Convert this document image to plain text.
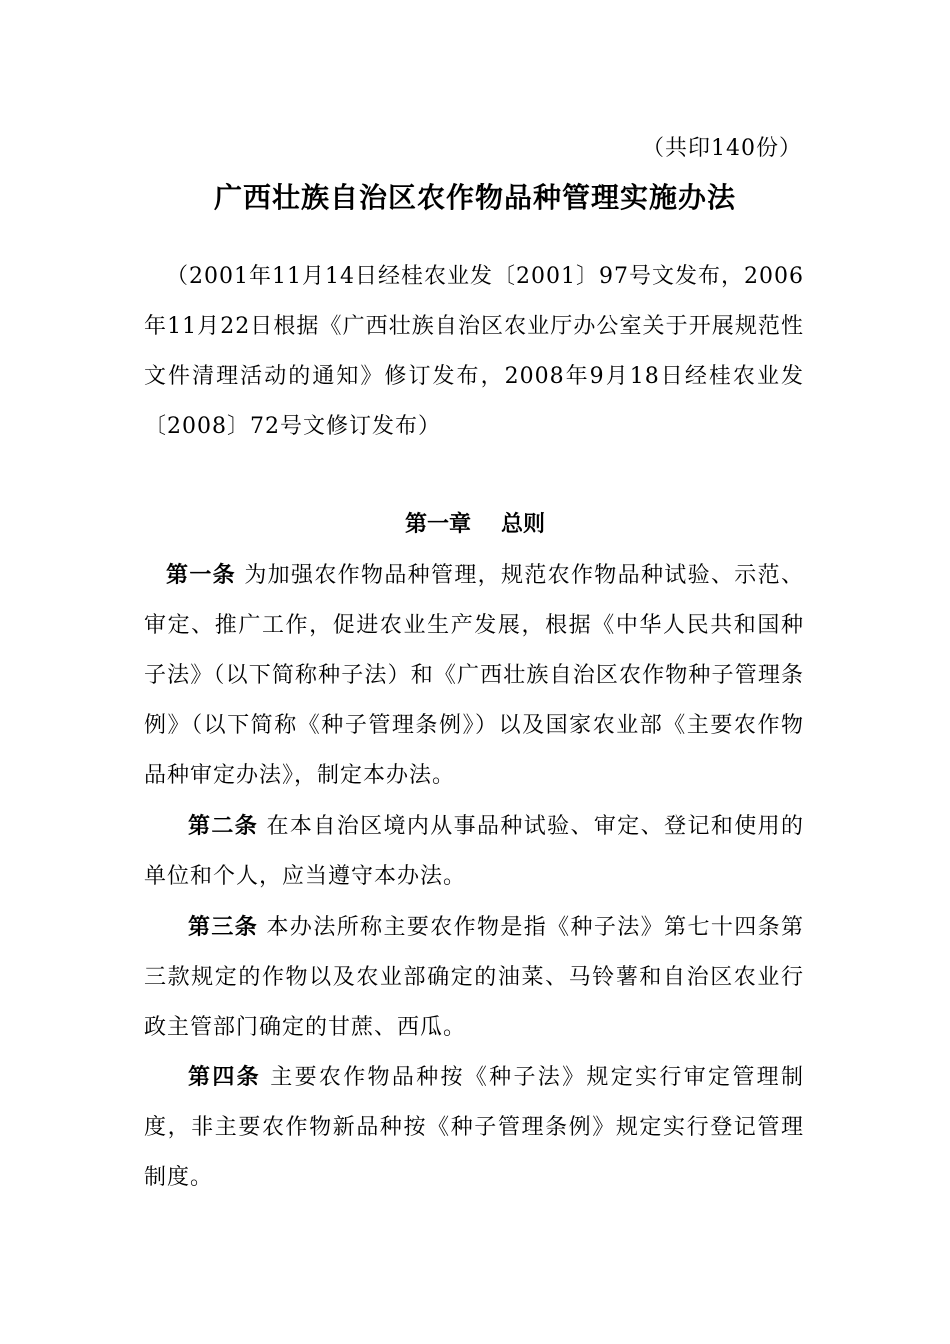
（共印140份）
广西壮族自治区农作物品种管理实施办法
（2001年11月14日经桂农业发〔2001〕97号文发布，2006年11月22日根据《广西壮族自治区农业厅办公室关于开展规范性文件清理活动的通知》修订发布，2008年9月18日经桂农业发〔2008〕72号文修订发布）
第一章 总则
第一条 为加强农作物品种管理，规范农作物品种试验、示范、审定、推广工作，促进农业生产发展，根据《中华人民共和国种子法》（以下简称种子法）和《广西壮族自治区农作物种子管理条例》（以下简称《种子管理条例》）以及国家农业部《主要农作物品种审定办法》，制定本办法。
第二条 在本自治区境内从事品种试验、审定、登记和使用的单位和个人，应当遵守本办法。
第三条 本办法所称主要农作物是指《种子法》第七十四条第三款规定的作物以及农业部确定的油菜、马铃薯和自治区农业行政主管部门确定的甘蔗、西瓜。
第四条 主要农作物品种按《种子法》规定实行审定管理制度，非主要农作物新品种按《种子管理条例》规定实行登记管理制度。
